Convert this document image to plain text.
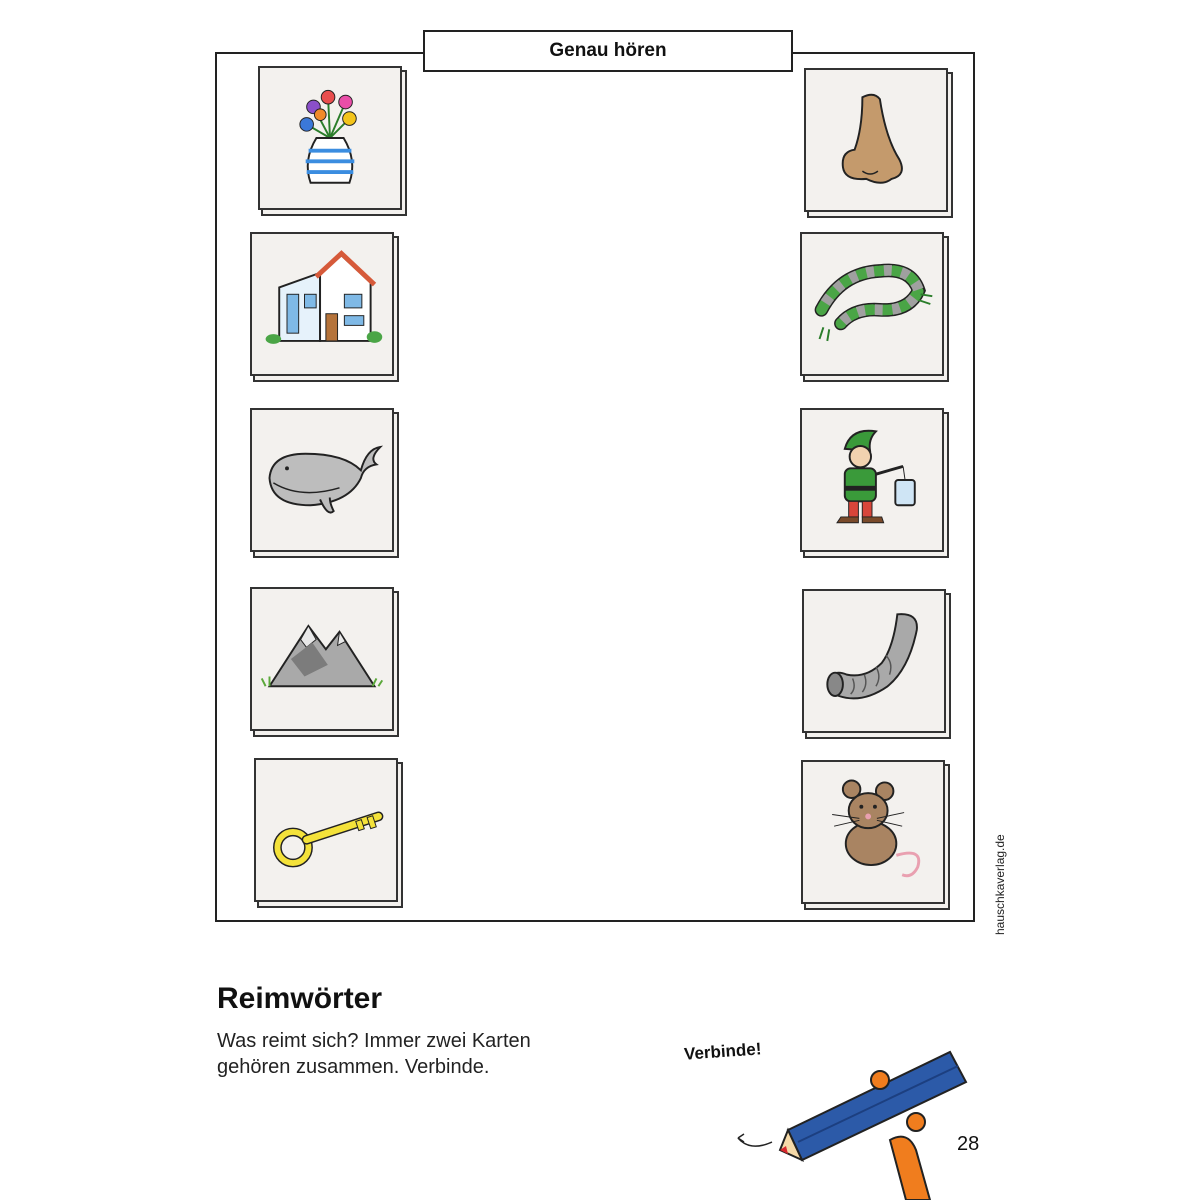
Genau hören
hauschkaverlag.de
Reimwörter
Was reimt sich? Immer zwei Karten
gehören zusammen. Verbinde.
Verbinde!
28
